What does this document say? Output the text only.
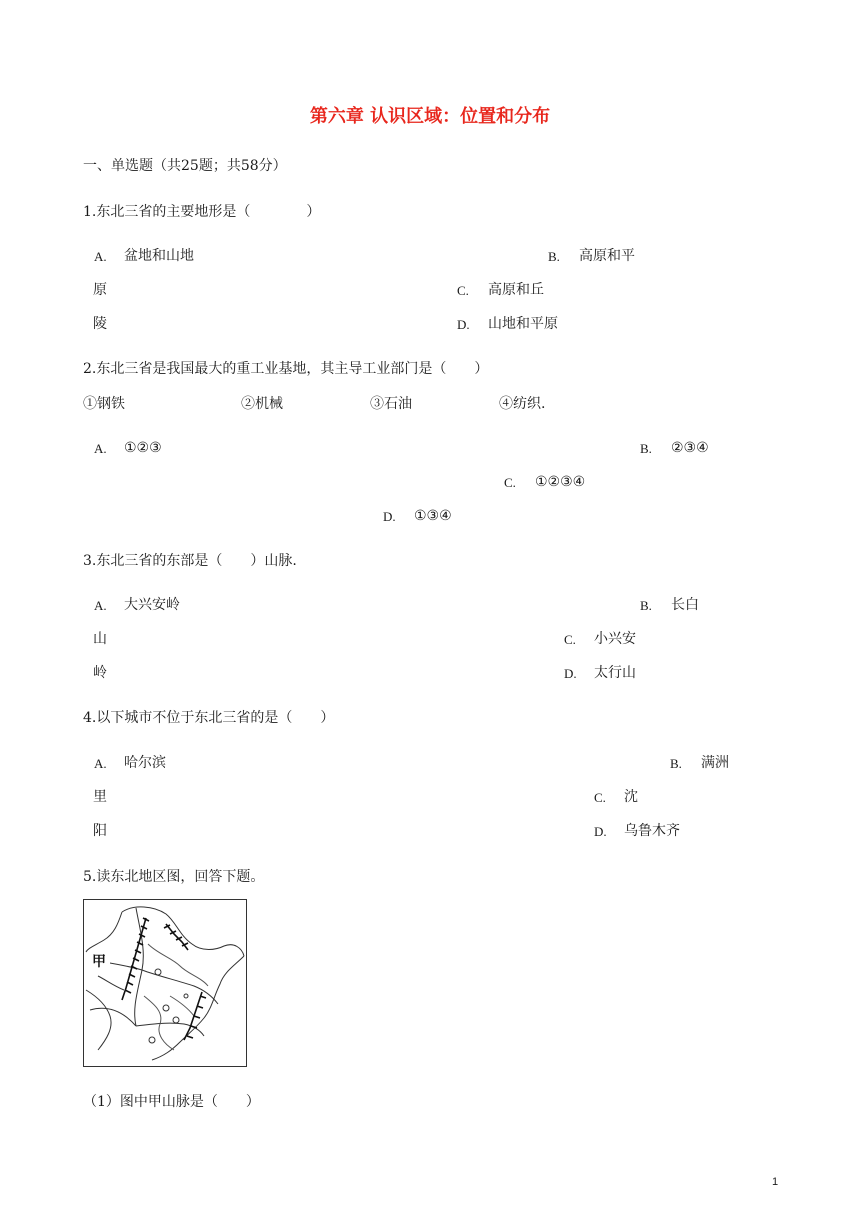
第六章 认识区域：位置和分布
一、单选题（共25题；共58分）
1.东北三省的主要地形是（　　　　）
A. 盆地和山地	B. 高原和平
原	C. 高原和丘
陵	D. 山地和平原
2.东北三省是我国最大的重工业基地，其主导工业部门是（　　）
①钢铁	②机械	③石油	④纺织.
A. ①②③	B. ②③④
C. ①②③④
D. ①③④
3.东北三省的东部是（　　）山脉.
A. 大兴安岭	B. 长白
山	C. 小兴安
岭	D. 太行山
4.以下城市不位于东北三省的是（　　）
A. 哈尔滨	B. 满洲
里	C. 沈
阳	D. 乌鲁木齐
5.读东北地区图，回答下题。
甲
（1）图中甲山脉是（　　）
1
